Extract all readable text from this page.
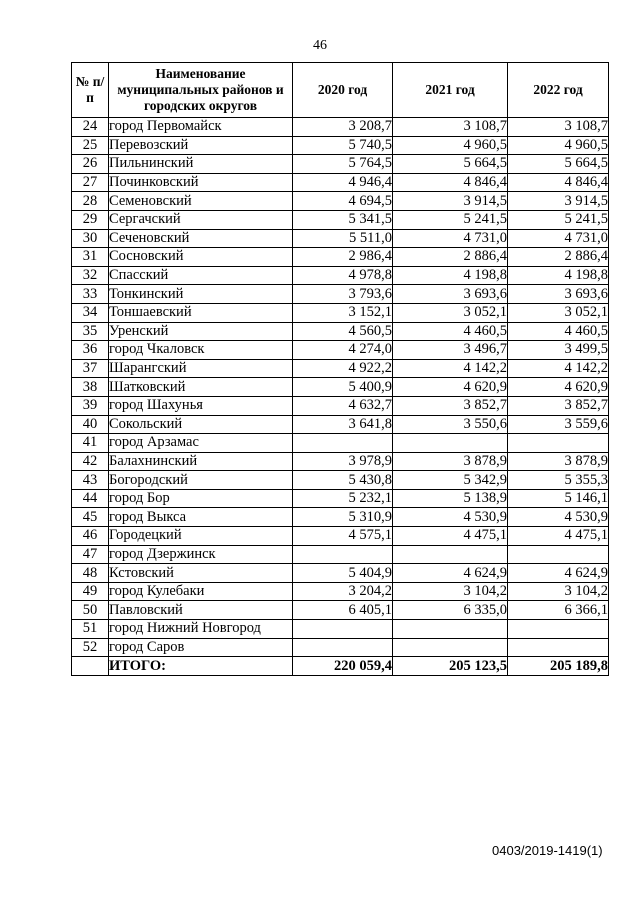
46
№ п/п	Наименование муниципальных районов и городских округов	2020 год	2021 год	2022 год
24	город Первомайск	3 208,7	3 108,7	3 108,7
25	Перевозский	5 740,5	4 960,5	4 960,5
26	Пильнинский	5 764,5	5 664,5	5 664,5
27	Починковский	4 946,4	4 846,4	4 846,4
28	Семеновский	4 694,5	3 914,5	3 914,5
29	Сергачский	5 341,5	5 241,5	5 241,5
30	Сеченовский	5 511,0	4 731,0	4 731,0
31	Сосновский	2 986,4	2 886,4	2 886,4
32	Спасский	4 978,8	4 198,8	4 198,8
33	Тонкинский	3 793,6	3 693,6	3 693,6
34	Тоншаевский	3 152,1	3 052,1	3 052,1
35	Уренский	4 560,5	4 460,5	4 460,5
36	город Чкаловск	4 274,0	3 496,7	3 499,5
37	Шарангский	4 922,2	4 142,2	4 142,2
38	Шатковский	5 400,9	4 620,9	4 620,9
39	город Шахунья	4 632,7	3 852,7	3 852,7
40	Сокольский	3 641,8	3 550,6	3 559,6
41	город Арзамас			
42	Балахнинский	3 978,9	3 878,9	3 878,9
43	Богородский	5 430,8	5 342,9	5 355,3
44	город Бор	5 232,1	5 138,9	5 146,1
45	город Выкса	5 310,9	4 530,9	4 530,9
46	Городецкий	4 575,1	4 475,1	4 475,1
47	город Дзержинск			
48	Кстовский	5 404,9	4 624,9	4 624,9
49	город Кулебаки	3 204,2	3 104,2	3 104,2
50	Павловский	6 405,1	6 335,0	6 366,1
51	город Нижний Новгород			
52	город Саров			
	ИТОГО:	220 059,4	205 123,5	205 189,8
0403/2019-1419(1)
